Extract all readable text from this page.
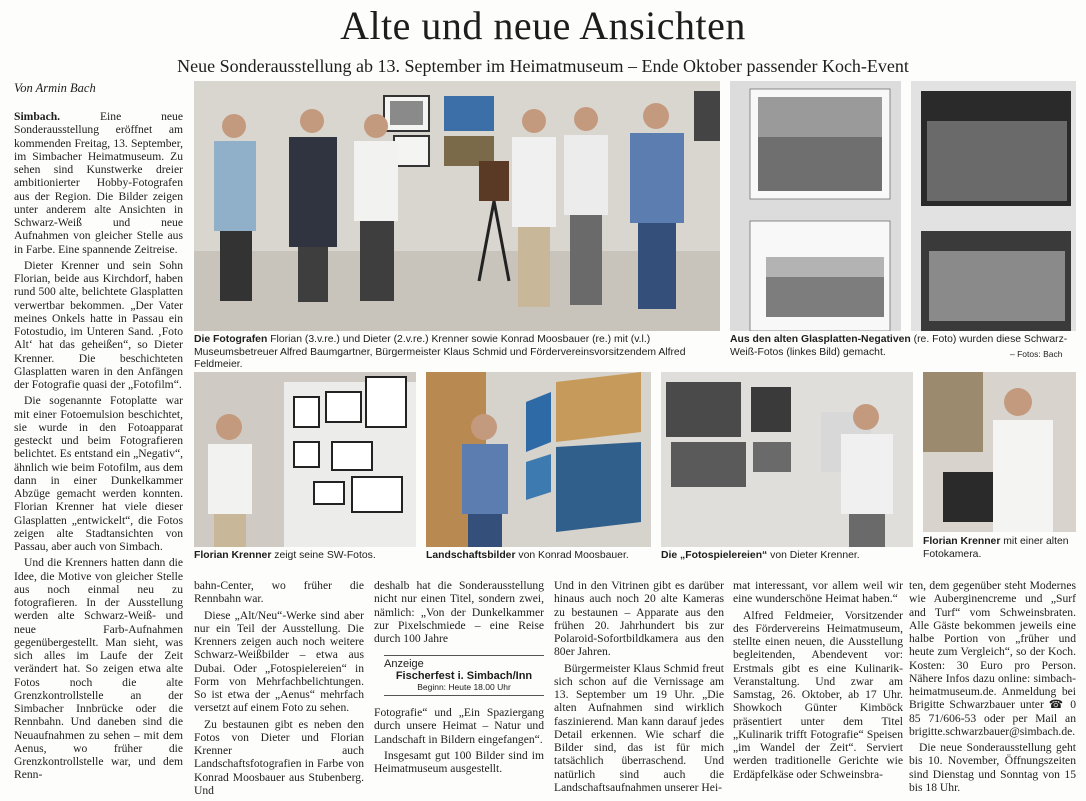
Alte und neue Ansichten
Neue Sonderausstellung ab 13. September im Heimatmuseum – Ende Oktober passender Koch-Event
Von Armin Bach

Simbach. Eine neue Sonderausstellung eröffnet am kommenden Freitag, 13. September, im Simbacher Heimatmuseum. Zu sehen sind Kunstwerke dreier ambitionierter Hobby-Fotografen aus der Region. Die Bilder zeigen unter anderem alte Ansichten in Schwarz-Weiß und neue Aufnahmen von gleicher Stelle aus in Farbe. Eine spannende Zeitreise.

Dieter Krenner und sein Sohn Florian, beide aus Kirchdorf, haben rund 500 alte, belichtete Glasplatten verwertbar bekommen. „Der Vater meines Onkels hatte in Passau ein Fotostudio, im Unteren Sand. ‚Foto Alt‘ hat das geheißen“, so Dieter Krenner. Die beschichteten Glasplatten waren in den Anfängen der Fotografie quasi der „Fotofilm“.

Die sogenannte Fotoplatte war mit einer Fotoemulsion beschichtet, sie wurde in den Fotoapparat gesteckt und beim Fotografieren belichtet. Es entstand ein „Negativ“, ähnlich wie beim Fotofilm, aus dem dann in einer Dunkelkammer Abzüge gemacht werden konnten. Florian Krenner hat viele dieser Glasplatten „entwickelt“, die Fotos zeigen alte Stadtansichten von Passau, aber auch von Simbach.

Und die Krenners hatten dann die Idee, die Motive von gleicher Stelle aus noch einmal neu zu fotografieren. In der Ausstellung werden alte Schwarz-Weiß- und neue Farb-Aufnahmen gegenübergestellt. Man sieht, was sich alles im Laufe der Zeit verändert hat. So zeigen etwa alte Fotos noch die alte Grenzkontrollstelle an der Simbacher Innbrücke oder die Rennbahn. Und daneben sind die Neuaufnahmen zu sehen – mit dem Aenus, wo früher die Grenzkontrollstelle war, und dem Renn-

Die Fotografen Florian (3.v.re.) und Dieter (2.v.re.) Krenner sowie Konrad Moosbauer (re.) mit (v.l.) Museumsbetreuer Alfred Baumgartner, Bürgermeister Klaus Schmid und Fördervereinsvorsitzendem Alfred Feldmeier.
Aus den alten Glasplatten-Negativen (re. Foto) wurden diese Schwarz-Weiß-Fotos (linkes Bild) gemacht.	– Fotos: Bach
Florian Krenner zeigt seine SW-Fotos.	Landschaftsbilder von Konrad Moosbauer.	Die „Fotospielereien“ von Dieter Krenner.
Florian Krenner mit einer alten Fotokamera.

bahn-Center, wo früher die Rennbahn war.

Diese „Alt/Neu“-Werke sind aber nur ein Teil der Ausstellung. Die Krenners zeigen auch noch weitere Schwarz-Weißbilder – etwa aus Dubai. Oder „Fotospielereien“ in Form von Mehrfachbelichtungen. So ist etwa der „Aenus“ mehrfach versetzt auf einem Foto zu sehen.

Zu bestaunen gibt es neben den Fotos von Dieter und Florian Krenner auch Landschaftsfotografien in Farbe von Konrad Moosbauer aus Stubenberg. Und

deshalb hat die Sonderausstellung nicht nur einen Titel, sondern zwei, nämlich: „Von der Dunkelkammer zur Pixelschmiede – eine Reise durch 100 Jahre

Anzeige
Fischerfest i. Simbach/Inn
Beginn: Heute 18.00 Uhr

Fotografie“ und „Ein Spaziergang durch unsere Heimat – Natur und Landschaft in Bildern eingefangen“.

Insgesamt gut 100 Bilder sind im Heimatmuseum ausgestellt.

Und in den Vitrinen gibt es darüber hinaus auch noch 20 alte Kameras zu bestaunen – Apparate aus den frühen 20. Jahrhundert bis zur Polaroid-Sofortbildkamera aus den 80er Jahren.

Bürgermeister Klaus Schmid freut sich schon auf die Vernissage am 13. September um 19 Uhr. „Die alten Aufnahmen sind wirklich faszinierend. Man kann darauf jedes Detail erkennen. Wie scharf die Bilder sind, das ist für mich tatsächlich überraschend. Und natürlich sind auch die Landschaftsaufnahmen unserer Hei-

mat interessant, vor allem weil wir eine wunderschöne Heimat haben.“

Alfred Feldmeier, Vorsitzender des Fördervereins Heimatmuseum, stellte einen neuen, die Ausstellung begleitenden, Abendevent vor: Erstmals gibt es eine Kulinarik-Veranstaltung. Und zwar am Samstag, 26. Oktober, ab 17 Uhr. Showkoch Günter Kimböck präsentiert unter dem Titel „Kulinarik trifft Fotografie“ Speisen „im Wandel der Zeit“. Serviert werden traditionelle Gerichte wie Erdäpfelkäse oder Schweinsbra-

ten, dem gegenüber steht Modernes wie Auberginencreme und „Surf and Turf“ vom Schweinsbraten. Alle Gäste bekommen jeweils eine halbe Portion von „früher und heute zum Vergleich“, so der Koch. Kosten: 30 Euro pro Person. Nähere Infos dazu online: simbach-heimatmuseum.de. Anmeldung bei Brigitte Schwarzbauer unter ☎ 0 85 71/606-53 oder per Mail an brigitte.schwarzbauer@simbach.de.

Die neue Sonderausstellung geht bis 10. November, Öffnungszeiten sind Dienstag und Sonntag von 15 bis 18 Uhr.
